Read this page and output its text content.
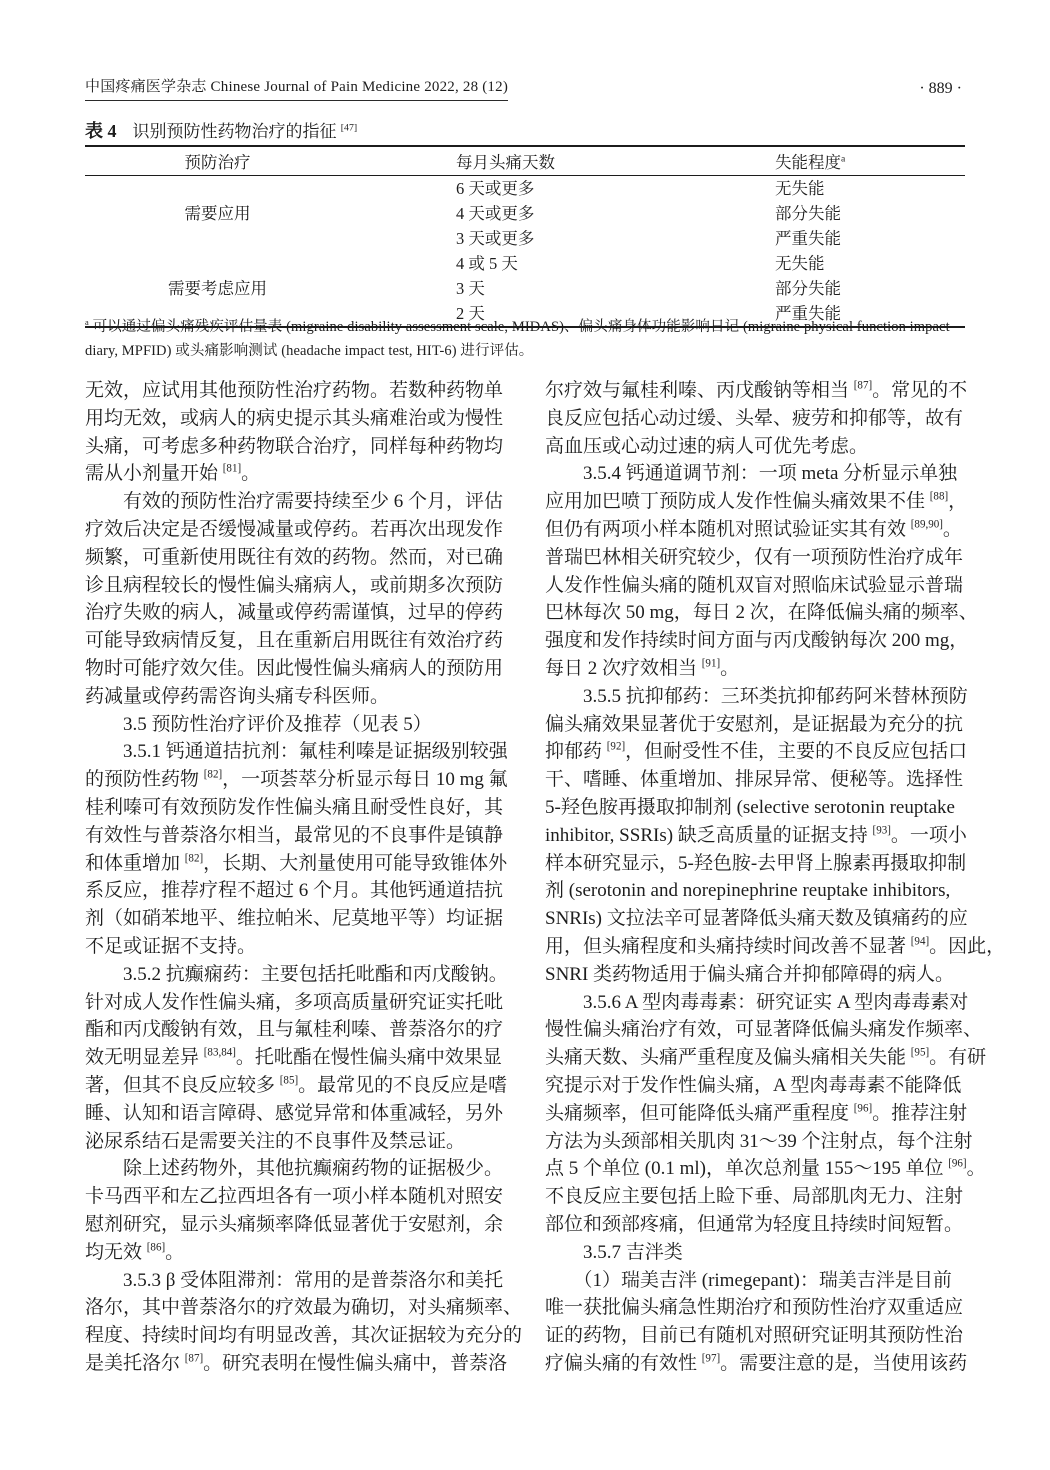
中国疼痛医学杂志 Chinese Journal of Pain Medicine 2022, 28 (12)	· 889 ·
表 4 识别预防性药物治疗的指征 [47]
预防治疗	每月头痛天数	失能程度$^a$
需要应用	6 天或更多	无失能
	4 天或更多	部分失能
	3 天或更多	严重失能
需要考虑应用	4 或 5 天	无失能
	3 天	部分失能
	2 天	严重失能
$^a$ 可以通过偏头痛残疾评估量表 (migraine disability assessment scale, MIDAS)、偏头痛身体功能影响日记 (migraine physical function impact
diary, MPFID) 或头痛影响测试 (headache impact test, HIT-6) 进行评估。
无效，应试用其他预防性治疗药物。若数种药物单
用均无效，或病人的病史提示其头痛难治或为慢性
头痛，可考虑多种药物联合治疗，同样每种药物均
需从小剂量开始 [81]。
　　有效的预防性治疗需要持续至少 6 个月，评估
疗效后决定是否缓慢减量或停药。若再次出现发作
频繁，可重新使用既往有效的药物。然而，对已确
诊且病程较长的慢性偏头痛病人，或前期多次预防
治疗失败的病人，减量或停药需谨慎，过早的停药
可能导致病情反复，且在重新启用既往有效治疗药
物时可能疗效欠佳。因此慢性偏头痛病人的预防用
药减量或停药需咨询头痛专科医师。
　　3.5 预防性治疗评价及推荐（见表 5）
　　3.5.1 钙通道拮抗剂：氟桂利嗪是证据级别较强
的预防性药物 [82]，一项荟萃分析显示每日 10 mg 氟
桂利嗪可有效预防发作性偏头痛且耐受性良好，其
有效性与普萘洛尔相当，最常见的不良事件是镇静
和体重增加 [82]，长期、大剂量使用可能导致锥体外
系反应，推荐疗程不超过 6 个月。其他钙通道拮抗
剂（如硝苯地平、维拉帕米、尼莫地平等）均证据
不足或证据不支持。
　　3.5.2 抗癫痫药：主要包括托吡酯和丙戊酸钠。
针对成人发作性偏头痛，多项高质量研究证实托吡
酯和丙戊酸钠有效，且与氟桂利嗪、普萘洛尔的疗
效无明显差异 [83,84]。托吡酯在慢性偏头痛中效果显
著，但其不良反应较多 [85]。最常见的不良反应是嗜
睡、认知和语言障碍、感觉异常和体重减轻，另外
泌尿系结石是需要关注的不良事件及禁忌证。
　　除上述药物外，其他抗癫痫药物的证据极少。
卡马西平和左乙拉西坦各有一项小样本随机对照安
慰剂研究，显示头痛频率降低显著优于安慰剂，余
均无效 [86]。
　　3.5.3 β 受体阻滞剂：常用的是普萘洛尔和美托
洛尔，其中普萘洛尔的疗效最为确切，对头痛频率、
程度、持续时间均有明显改善，其次证据较为充分的
是美托洛尔 [87]。研究表明在慢性偏头痛中，普萘洛
尔疗效与氟桂利嗪、丙戊酸钠等相当 [87]。常见的不
良反应包括心动过缓、头晕、疲劳和抑郁等，故有
高血压或心动过速的病人可优先考虑。
　　3.5.4 钙通道调节剂：一项 meta 分析显示单独
应用加巴喷丁预防成人发作性偏头痛效果不佳 [88]，
但仍有两项小样本随机对照试验证实其有效 [89,90]。
普瑞巴林相关研究较少，仅有一项预防性治疗成年
人发作性偏头痛的随机双盲对照临床试验显示普瑞
巴林每次 50 mg，每日 2 次，在降低偏头痛的频率、
强度和发作持续时间方面与丙戊酸钠每次 200 mg，
每日 2 次疗效相当 [91]。
　　3.5.5 抗抑郁药：三环类抗抑郁药阿米替林预防
偏头痛效果显著优于安慰剂，是证据最为充分的抗
抑郁药 [92]，但耐受性不佳，主要的不良反应包括口
干、嗜睡、体重增加、排尿异常、便秘等。选择性
5-羟色胺再摄取抑制剂 (selective serotonin reuptake
inhibitor, SSRIs) 缺乏高质量的证据支持 [93]。一项小
样本研究显示，5-羟色胺-去甲肾上腺素再摄取抑制
剂 (serotonin and norepinephrine reuptake inhibitors,
SNRIs) 文拉法辛可显著降低头痛天数及镇痛药的应
用，但头痛程度和头痛持续时间改善不显著 [94]。因此，
SNRI 类药物适用于偏头痛合并抑郁障碍的病人。
　　3.5.6 A 型肉毒毒素：研究证实 A 型肉毒毒素对
慢性偏头痛治疗有效，可显著降低偏头痛发作频率、
头痛天数、头痛严重程度及偏头痛相关失能 [95]。有研
究提示对于发作性偏头痛，A 型肉毒毒素不能降低
头痛频率，但可能降低头痛严重程度 [96]。推荐注射
方法为头颈部相关肌肉 31～39 个注射点，每个注射
点 5 个单位 (0.1 ml)，单次总剂量 155～195 单位 [96]。
不良反应主要包括上睑下垂、局部肌肉无力、注射
部位和颈部疼痛，但通常为轻度且持续时间短暂。
　　3.5.7 吉泮类
　　（1）瑞美吉泮 (rimegepant)：瑞美吉泮是目前
唯一获批偏头痛急性期治疗和预防性治疗双重适应
证的药物，目前已有随机对照研究证明其预防性治
疗偏头痛的有效性 [97]。需要注意的是，当使用该药
